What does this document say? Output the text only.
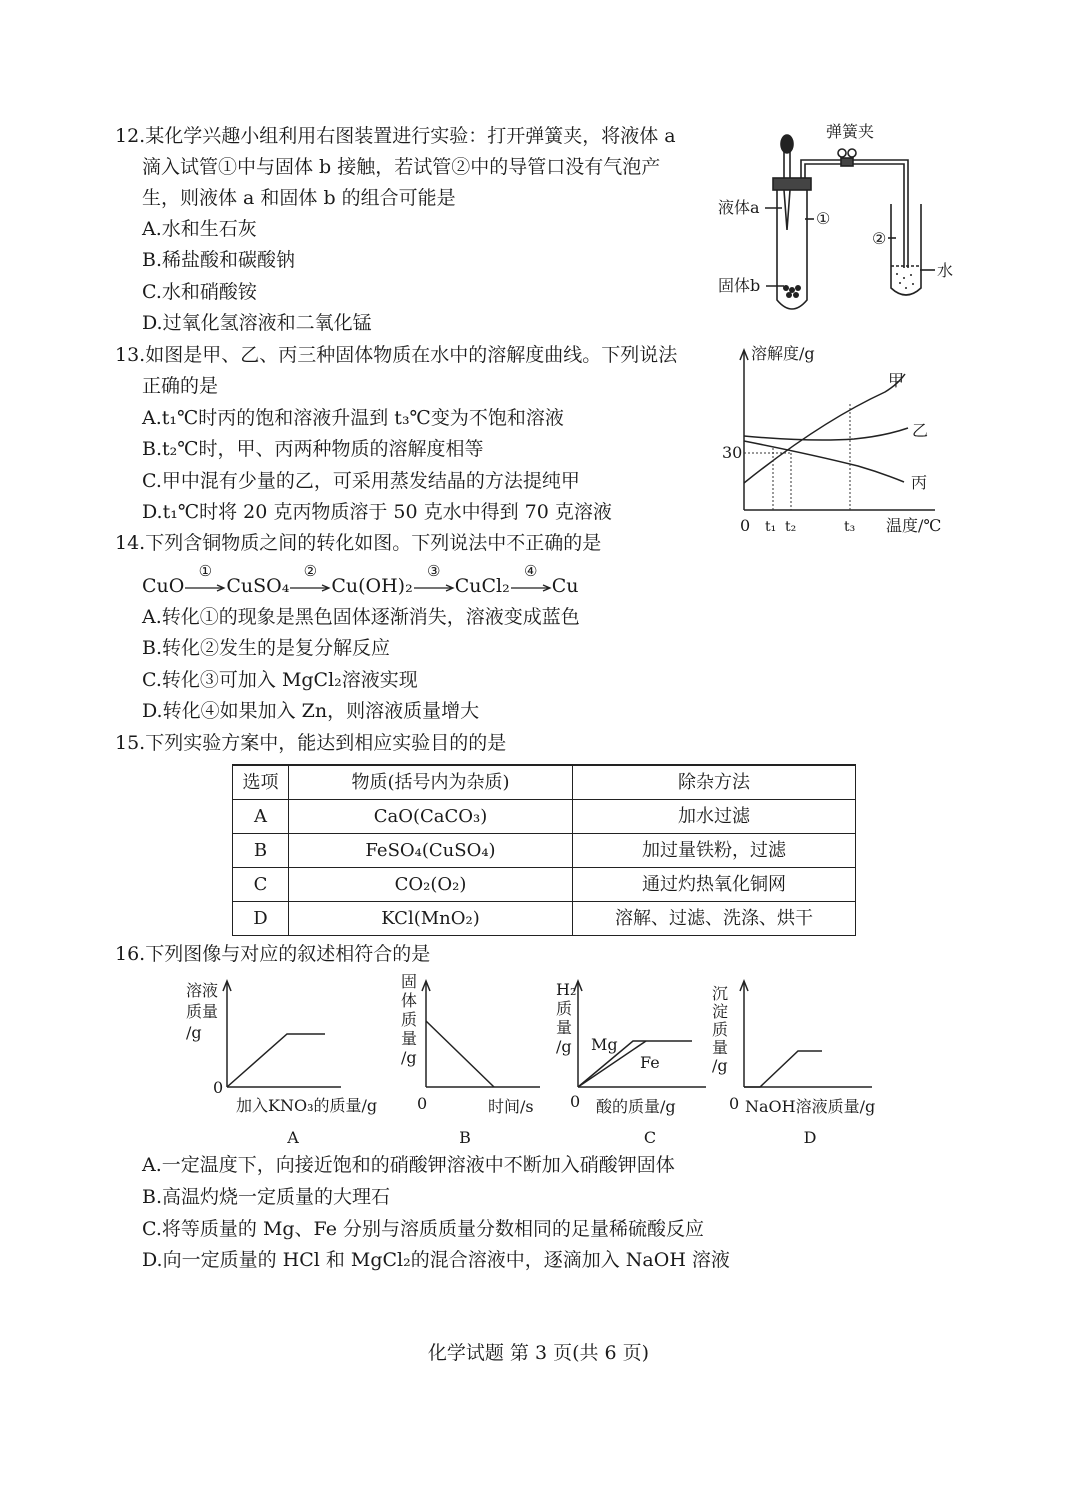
12.某化学兴趣小组利用右图装置进行实验：打开弹簧夹，将液体 a
滴入试管①中与固体 b 接触，若试管②中的导管口没有气泡产
生，则液体 a 和固体 b 的组合可能是
A.水和生石灰
B.稀盐酸和碳酸钠
C.水和硝酸铵
D.过氧化氢溶液和二氧化锰
弹簧夹
液体a
固体b
①
②
水
13.如图是甲、乙、丙三种固体物质在水中的溶解度曲线。下列说法
正确的是
A.t₁℃时丙的饱和溶液升温到 t₃℃变为不饱和溶液
B.t₂℃时，甲、丙两种物质的溶解度相等
C.甲中混有少量的乙，可采用蒸发结晶的方法提纯甲
D.t₁℃时将 20 克丙物质溶于 50 克水中得到 70 克溶液
溶解度/g
甲
乙
丙
30
0 t₁ t₂	t₃ 温度/℃
14.下列含铜物质之间的转化如图。下列说法中不正确的是
CuO
①
CuSO₄
②
Cu(OH)₂
③
CuCl₂
④
Cu
A.转化①的现象是黑色固体逐渐消失，溶液变成蓝色
B.转化②发生的是复分解反应
C.转化③可加入 MgCl₂溶液实现
D.转化④如果加入 Zn，则溶液质量增大
15.下列实验方案中，能达到相应实验目的的是
选项	物质(括号内为杂质)	除杂方法
A	CaO(CaCO₃)	加水过滤
B	FeSO₄(CuSO₄)	加过量铁粉，过滤
C	CO₂(O₂)	通过灼热氧化铜网
D	KCl(MnO₂)	溶解、过滤、洗涤、烘干
16.下列图像与对应的叙述相符合的是
溶液
质量
/g
0
加入KNO₃的质量/g
A
固
体
质
量
/g
0	时间/s
B
H₂
质
量
/g Mg
Fe
0 酸的质量/g
C
沉
淀
质
量
/g
0 NaOH溶液质量/g
D
A.一定温度下，向接近饱和的硝酸钾溶液中不断加入硝酸钾固体
B.高温灼烧一定质量的大理石
C.将等质量的 Mg、Fe 分别与溶质质量分数相同的足量稀硫酸反应
D.向一定质量的 HCl 和 MgCl₂的混合溶液中，逐滴加入 NaOH 溶液
化学试题 第 3 页(共 6 页)
